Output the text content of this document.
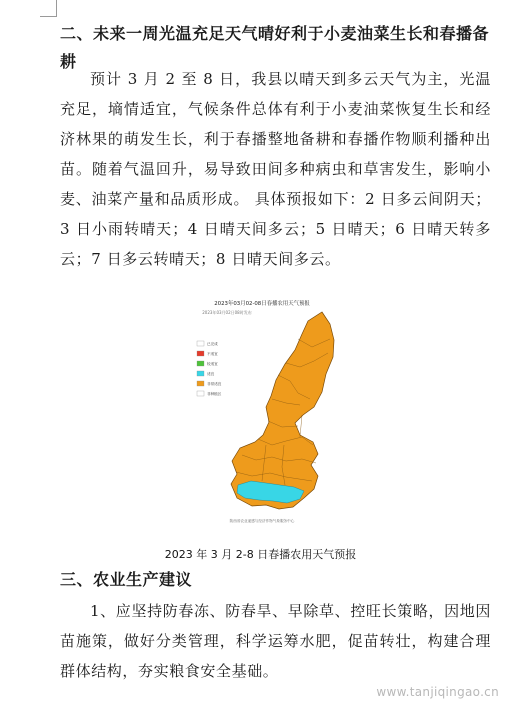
二、未来一周光温充足天气晴好利于小麦油菜生长和春播备耕

预计 3 月 2 至 8 日，我县以晴天到多云天气为主，光温充足，墒情适宜，气候条件总体有利于小麦油菜恢复生长和经济林果的萌发生长，利于春播整地备耕和春播作物顺利播种出苗。随着气温回升，易导致田间多种病虫和草害发生，影响小麦、油菜产量和品质形成。 具体预报如下：2 日多云间阴天；3 日小雨转晴天；4 日晴天间多云；5 日晴天；6 日晴天转多云；7 日多云转晴天；8 日晴天间多云。

2023年03月02-08日春播农用天气预报
2023年03月02日08时发布
已完成
不适宜
较适宜
适宜
非常适宜
非种植区
陕西省农业遥感与经济作物气象服务中心
2023 年 3 月 2-8 日春播农用天气预报
三、农业生产建议

1、应坚持防春冻、防春旱、早除草、控旺长策略，因地因苗施策，做好分类管理，科学运筹水肥，促苗转壮，构建合理群体结构，夯实粮食安全基础。

www.tanjiqingao.cn
